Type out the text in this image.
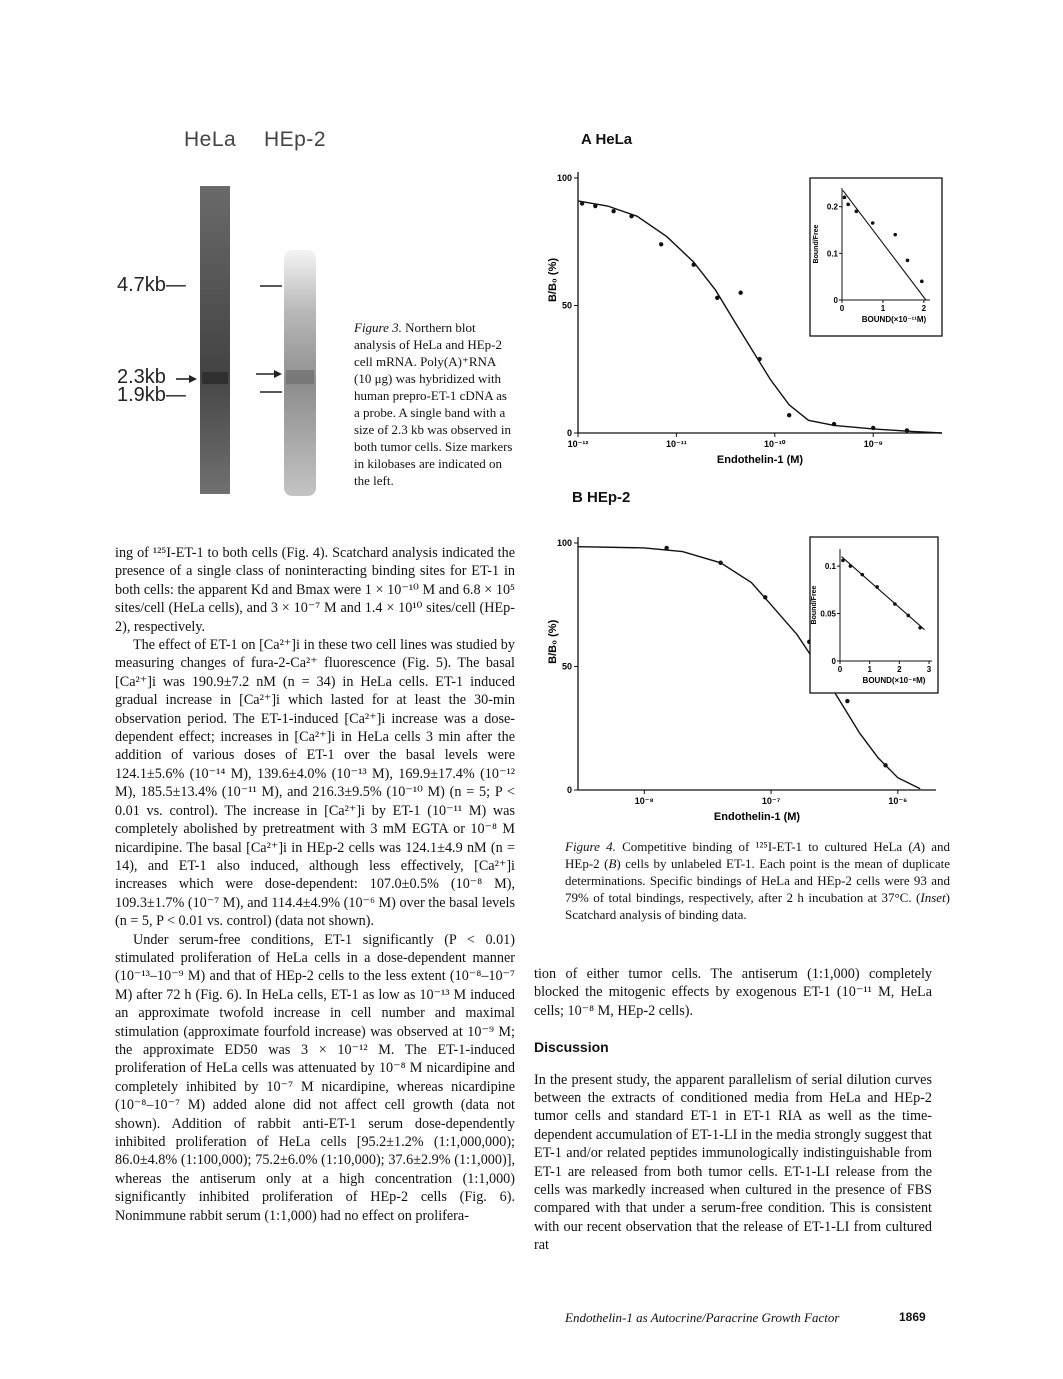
HeLa HEp-2
4.7kb—
2.3kb
1.9kb—
Figure 3. Northern blot analysis of HeLa and HEp-2 cell mRNA. Poly(A)⁺RNA (10 μg) was hybridized with human prepro-ET-1 cDNA as a probe. A single band with a size of 2.3 kb was observed in both tumor cells. Size markers in kilobases are indicated on the left.
A HeLa
0
50
100
10⁻¹²	10⁻¹¹	10⁻¹⁰	10⁻⁹
Endothelin-1 (M)
B/B₀ (%)	0
0.1
0.2
0	1	2
BOUND(×10⁻¹¹M)
Bound/Free
B HEp-2
0
50
100
10⁻⁸	10⁻⁷	10⁻⁶
Endothelin-1 (M)
B/B₀ (%)	0
0.05
0.1
0	1	2	3
BOUND(×10⁻⁸M)
Bound/Free
Figure 4. Competitive binding of ¹²⁵I-ET-1 to cultured HeLa (A) and HEp-2 (B) cells by unlabeled ET-1. Each point is the mean of duplicate determinations. Specific bindings of HeLa and HEp-2 cells were 93 and 79% of total bindings, respectively, after 2 h incubation at 37°C. (Inset) Scatchard analysis of binding data.

ing of ¹²⁵I-ET-1 to both cells (Fig. 4). Scatchard analysis indicated the presence of a single class of noninteracting binding sites for ET-1 in both cells: the apparent Kd and Bmax were 1 × 10⁻¹⁰ M and 6.8 × 10⁵ sites/cell (HeLa cells), and 3 × 10⁻⁷ M and 1.4 × 10¹⁰ sites/cell (HEp-2), respectively.

The effect of ET-1 on [Ca²⁺]i in these two cell lines was studied by measuring changes of fura-2-Ca²⁺ fluorescence (Fig. 5). The basal [Ca²⁺]i was 190.9±7.2 nM (n = 34) in HeLa cells. ET-1 induced gradual increase in [Ca²⁺]i which lasted for at least the 30-min observation period. The ET-1-induced [Ca²⁺]i increase was a dose-dependent effect; increases in [Ca²⁺]i in HeLa cells 3 min after the addition of various doses of ET-1 over the basal levels were 124.1±5.6% (10⁻¹⁴ M), 139.6±4.0% (10⁻¹³ M), 169.9±17.4% (10⁻¹² M), 185.5±13.4% (10⁻¹¹ M), and 216.3±9.5% (10⁻¹⁰ M) (n = 5; P < 0.01 vs. control). The increase in [Ca²⁺]i by ET-1 (10⁻¹¹ M) was completely abolished by pretreatment with 3 mM EGTA or 10⁻⁸ M nicardipine. The basal [Ca²⁺]i in HEp-2 cells was 124.1±4.9 nM (n = 14), and ET-1 also induced, although less effectively, [Ca²⁺]i increases which were dose-dependent: 107.0±0.5% (10⁻⁸ M), 109.3±1.7% (10⁻⁷ M), and 114.4±4.9% (10⁻⁶ M) over the basal levels (n = 5, P < 0.01 vs. control) (data not shown).

Under serum-free conditions, ET-1 significantly (P < 0.01) stimulated proliferation of HeLa cells in a dose-dependent manner (10⁻¹³–10⁻⁹ M) and that of HEp-2 cells to the less extent (10⁻⁸–10⁻⁷ M) after 72 h (Fig. 6). In HeLa cells, ET-1 as low as 10⁻¹³ M induced an approximate twofold increase in cell number and maximal stimulation (approximate fourfold increase) was observed at 10⁻⁹ M; the approximate ED50 was 3 × 10⁻¹² M. The ET-1-induced proliferation of HeLa cells was attenuated by 10⁻⁸ M nicardipine and completely inhibited by 10⁻⁷ M nicardipine, whereas nicardipine (10⁻⁸–10⁻⁷ M) added alone did not affect cell growth (data not shown). Addition of rabbit anti-ET-1 serum dose-dependently inhibited proliferation of HeLa cells [95.2±1.2% (1:1,000,000); 86.0±4.8% (1:100,000); 75.2±6.0% (1:10,000); 37.6±2.9% (1:1,000)], whereas the antiserum only at a high concentration (1:1,000) significantly inhibited proliferation of HEp-2 cells (Fig. 6). Nonimmune rabbit serum (1:1,000) had no effect on prolifera-

tion of either tumor cells. The antiserum (1:1,000) completely blocked the mitogenic effects by exogenous ET-1 (10⁻¹¹ M, HeLa cells; 10⁻⁸ M, HEp-2 cells).

Discussion

In the present study, the apparent parallelism of serial dilution curves between the extracts of conditioned media from HeLa and HEp-2 tumor cells and standard ET-1 in ET-1 RIA as well as the time-dependent accumulation of ET-1-LI in the media strongly suggest that ET-1 and/or related peptides immunologically indistinguishable from ET-1 are released from both tumor cells. ET-1-LI release from the cells was markedly increased when cultured in the presence of FBS compared with that under a serum-free condition. This is consistent with our recent observation that the release of ET-1-LI from cultured rat

Endothelin-1 as Autocrine/Paracrine Growth Factor	1869
